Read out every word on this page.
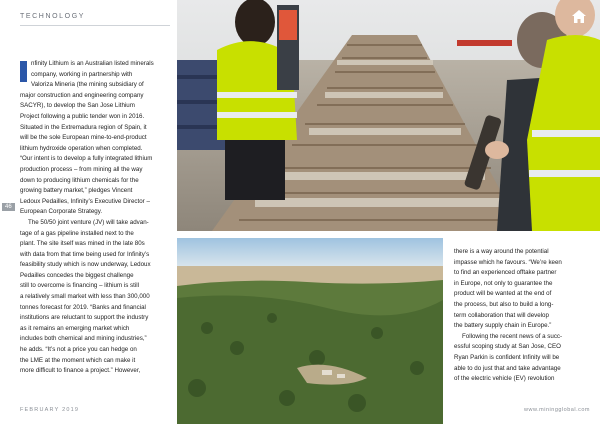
TECHNOLOGY
nfinity Lithium is an Australian listed minerals
company, working in partnership with
Valoriza Mineria (the mining subsidiary of
major construction and engineering company
SACYR), to develop the San Jose Lithium
Project following a public tender won in 2016.
Situated in the Extremadura region of Spain, it
will be the sole European mine-to-end-product
lithium hydroxide operation when completed.
“Our intent is to develop a fully integrated lithium
production process – from mining all the way
down to producing lithium chemicals for the
growing battery market,” pledges Vincent
Ledoux Pedailles, Infinity’s Executive Director –
European Corporate Strategy.
The 50/50 joint venture (JV) will take advan-
tage of a gas pipeline installed next to the
plant. The site itself was mined in the late 80s
with data from that time being used for Infinity’s
feasibility study which is now underway, Ledoux
Pedailles concedes the biggest challenge
still to overcome is financing – lithium is still
a relatively small market with less than 300,000
tonnes forecast for 2019. “Banks and financial
institutions are reluctant to support the industry
as it remains an emerging market which
includes both chemical and mining industries,”
he adds. “It’s not a price you can hedge on
the LME at the moment which can make it
more difficult to finance a project.” However,
46
there is a way around the potential
impasse which he favours. “We’re keen
to find an experienced offtake partner
in Europe, not only to guarantee the
product will be wanted at the end of
the process, but also to build a long-
term collaboration that will develop
the battery supply chain in Europe.”
Following the recent news of a succ-
essful scoping study at San Jose, CEO
Ryan Parkin is confident Infinity will be
able to do just that and take advantage
of the electric vehicle (EV) revolution
FEBRUARY 2019	www.miningglobal.com
